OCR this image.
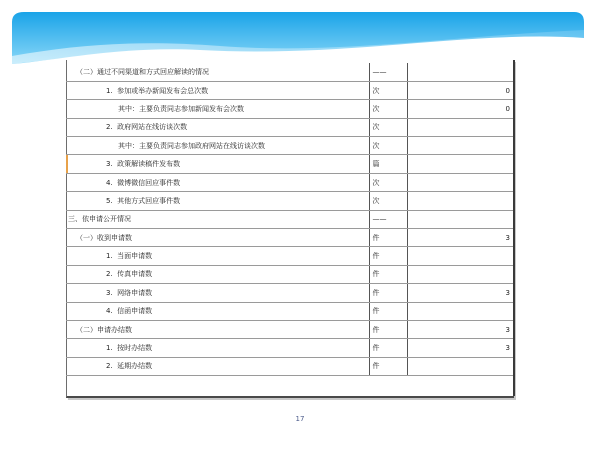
（二）通过不同渠道和方式回应解读的情况	——	
1.  参加或举办新闻发布会总次数	次	0
其中：主要负责同志参加新闻发布会次数	次	0
2.  政府网站在线访谈次数	次	
其中：主要负责同志参加政府网站在线访谈次数	次	
3.  政策解读稿件发布数	篇	
4.  微博微信回应事件数	次	
5.  其他方式回应事件数	次	
三、依申请公开情况	——	
（一）收到申请数	件	3
1.  当面申请数	件	
2.  传真申请数	件	
3.  网络申请数	件	3
4.  信函申请数	件	
（二）申请办结数	件	3
1.  按时办结数	件	3
2.  延期办结数	件	
17
